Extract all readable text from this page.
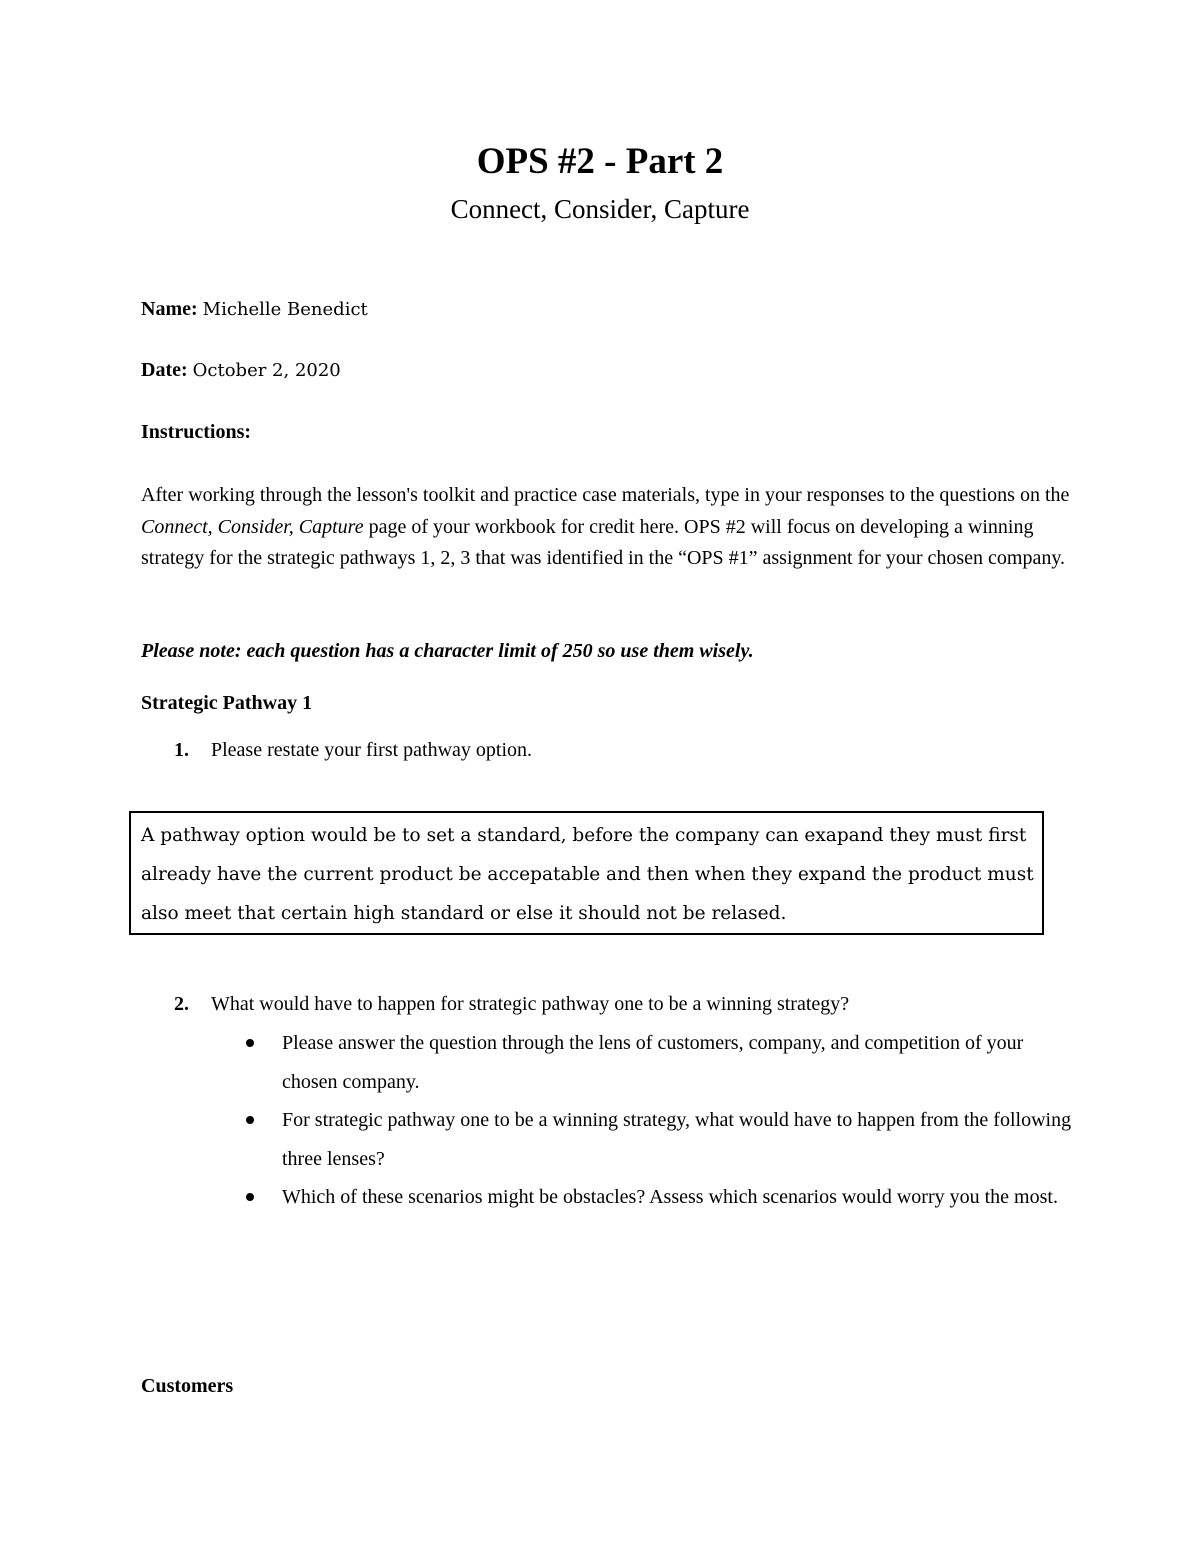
OPS #2 - Part 2
Connect, Consider, Capture
Name: Michelle Benedict
Date: October 2, 2020
Instructions:
After working through the lesson's toolkit and practice case materials, type in your responses to the questions on the Connect, Consider, Capture page of your workbook for credit here. OPS #2 will focus on developing a winning strategy for the strategic pathways 1, 2, 3 that was identified in the “OPS #1” assignment for your chosen company.
Please note: each question has a character limit of 250 so use them wisely.
Strategic Pathway 1
1. Please restate your first pathway option.
A pathway option would be to set a standard, before the company can exapand they must first already have the current product be accepatable and then when they expand the product must also meet that certain high standard or else it should not be relased.
2. What would have to happen for strategic pathway one to be a winning strategy?
Please answer the question through the lens of customers, company, and competition of your chosen company.
For strategic pathway one to be a winning strategy, what would have to happen from the following three lenses?
Which of these scenarios might be obstacles? Assess which scenarios would worry you the most.
Customers
